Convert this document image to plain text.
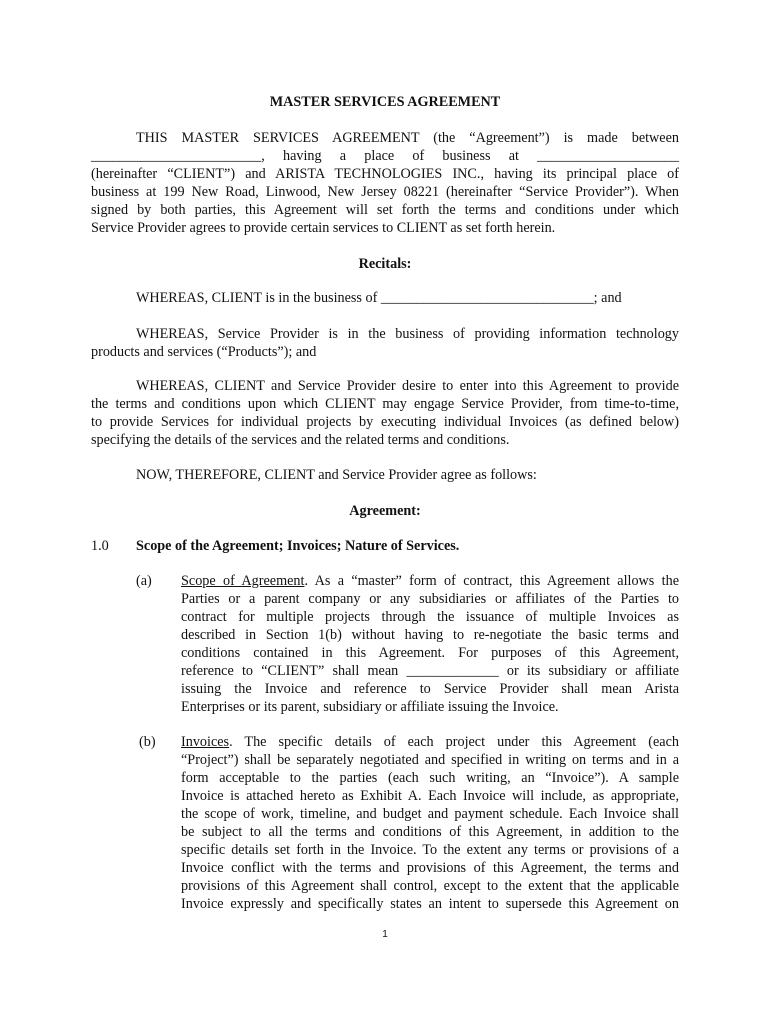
MASTER SERVICES AGREEMENT
THIS MASTER SERVICES AGREEMENT (the “Agreement”) is made between
________________________, having a place of business at ____________________
(hereinafter “CLIENT”) and ARISTA TECHNOLOGIES INC., having its principal place of
business at 199 New Road, Linwood, New Jersey 08221 (hereinafter “Service Provider”). When
signed by both parties, this Agreement will set forth the terms and conditions under which
Service Provider agrees to provide certain services to CLIENT as set forth herein.
Recitals:
WHEREAS, CLIENT is in the business of ______________________________; and
WHEREAS, Service Provider is in the business of providing information technology
products and services (“Products”); and
WHEREAS, CLIENT and Service Provider desire to enter into this Agreement to provide
the terms and conditions upon which CLIENT may engage Service Provider, from time-to-time,
to provide Services for individual projects by executing individual Invoices (as defined below)
specifying the details of the services and the related terms and conditions.
NOW, THEREFORE, CLIENT and Service Provider agree as follows:
Agreement:
1.0 Scope of the Agreement; Invoices; Nature of Services.
(a) Scope of Agreement. As a “master” form of contract, this Agreement allows the
Parties or a parent company or any subsidiaries or affiliates of the Parties to
contract for multiple projects through the issuance of multiple Invoices as
described in Section 1(b) without having to re-negotiate the basic terms and
conditions contained in this Agreement. For purposes of this Agreement,
reference to “CLIENT” shall mean _____________ or its subsidiary or affiliate
issuing the Invoice and reference to Service Provider shall mean Arista
Enterprises or its parent, subsidiary or affiliate issuing the Invoice.
(b) Invoices. The specific details of each project under this Agreement (each
“Project”) shall be separately negotiated and specified in writing on terms and in a
form acceptable to the parties (each such writing, an “Invoice”). A sample
Invoice is attached hereto as Exhibit A. Each Invoice will include, as appropriate,
the scope of work, timeline, and budget and payment schedule. Each Invoice shall
be subject to all the terms and conditions of this Agreement, in addition to the
specific details set forth in the Invoice. To the extent any terms or provisions of a
Invoice conflict with the terms and provisions of this Agreement, the terms and
provisions of this Agreement shall control, except to the extent that the applicable
Invoice expressly and specifically states an intent to supersede this Agreement on
1
